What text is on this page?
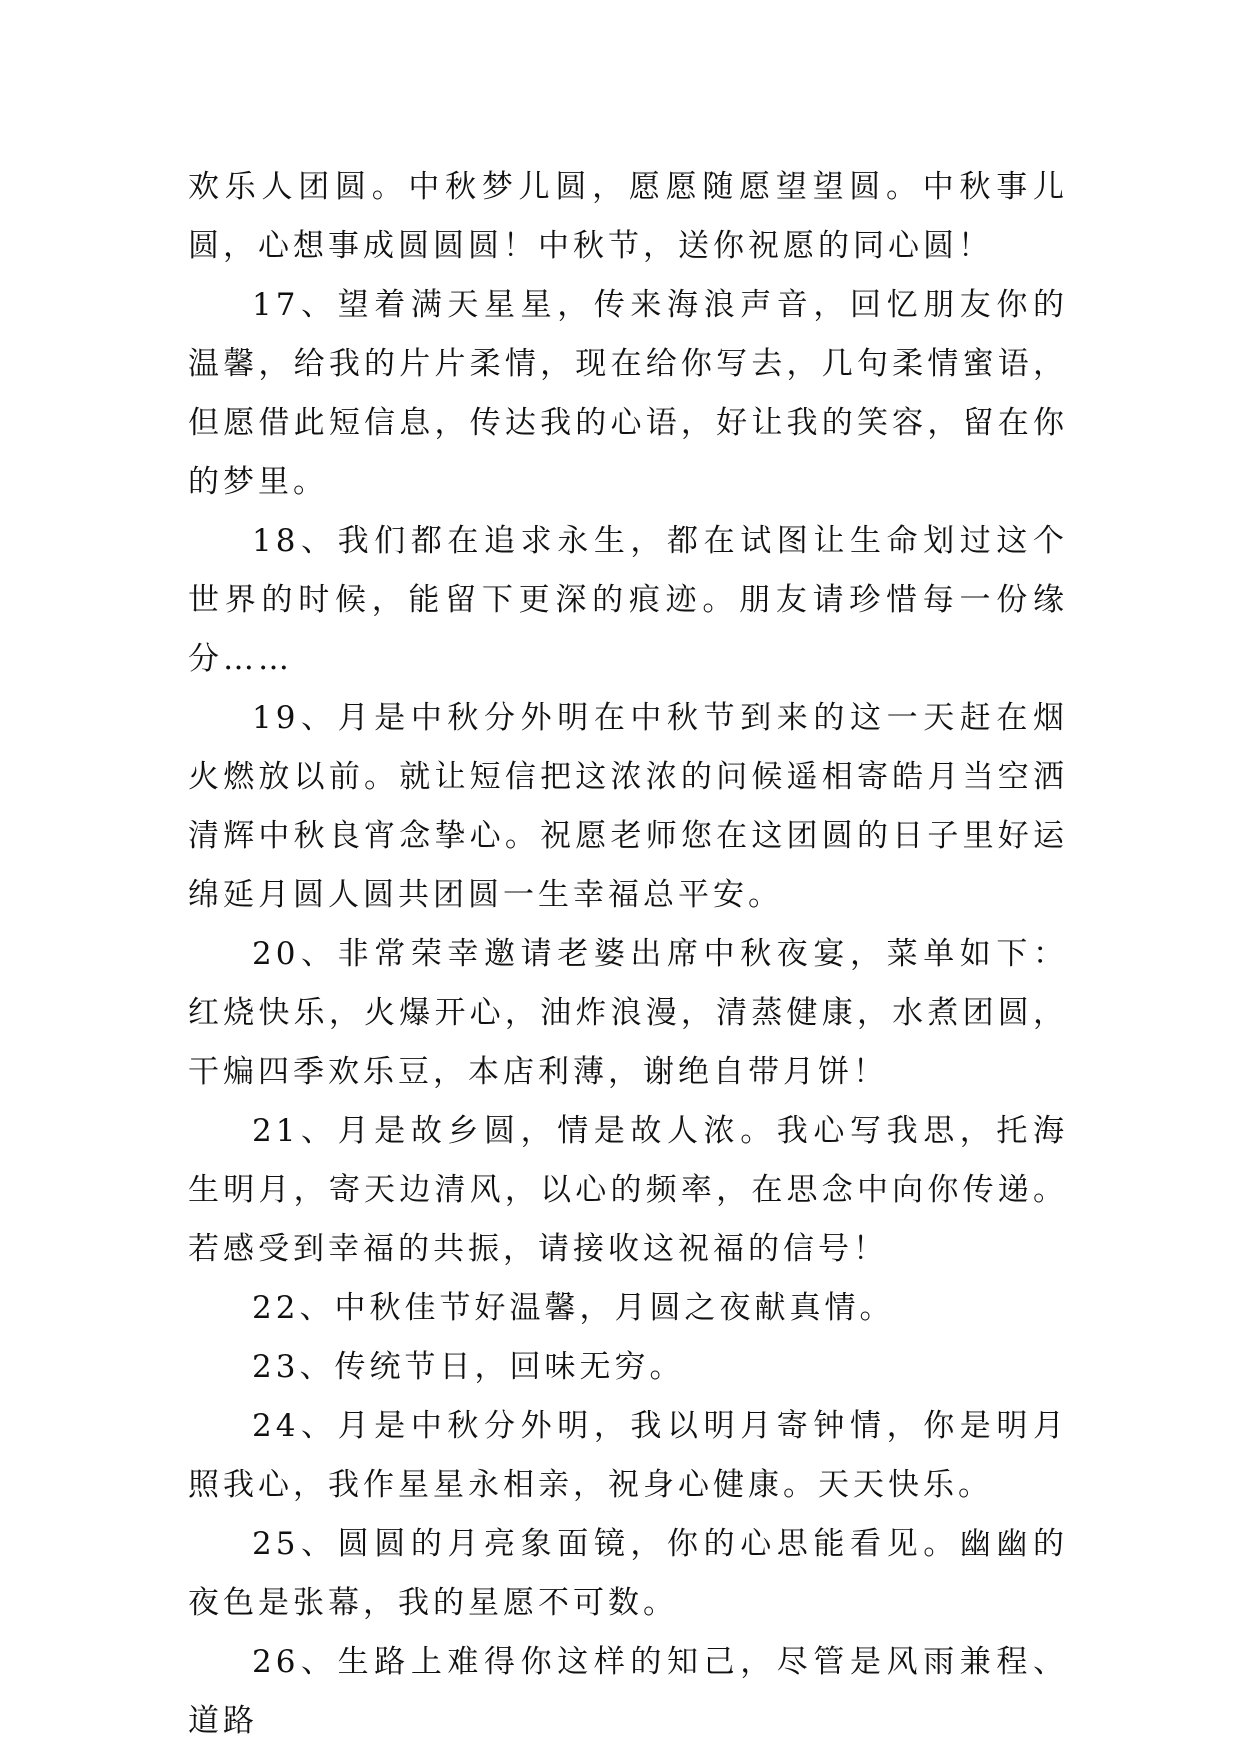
欢乐人团圆。中秋梦儿圆，愿愿随愿望望圆。中秋事儿圆，心想事成圆圆圆！中秋节，送你祝愿的同心圆！

17、望着满天星星，传来海浪声音，回忆朋友你的温馨，给我的片片柔情，现在给你写去，几句柔情蜜语，但愿借此短信息，传达我的心语，好让我的笑容，留在你的梦里。

18、我们都在追求永生，都在试图让生命划过这个世界的时候，能留下更深的痕迹。朋友请珍惜每一份缘分……

19、月是中秋分外明在中秋节到来的这一天赶在烟火燃放以前。就让短信把这浓浓的问候遥相寄皓月当空洒清辉中秋良宵念挚心。祝愿老师您在这团圆的日子里好运绵延月圆人圆共团圆一生幸福总平安。

20、非常荣幸邀请老婆出席中秋夜宴，菜单如下：红烧快乐，火爆开心，油炸浪漫，清蒸健康，水煮团圆，干煸四季欢乐豆，本店利薄，谢绝自带月饼！

21、月是故乡圆，情是故人浓。我心写我思，托海生明月，寄天边清风，以心的频率，在思念中向你传递。若感受到幸福的共振，请接收这祝福的信号！

22、中秋佳节好温馨，月圆之夜献真情。

23、传统节日，回味无穷。

24、月是中秋分外明，我以明月寄钟情，你是明月照我心，我作星星永相亲，祝身心健康。天天快乐。

25、圆圆的月亮象面镜，你的心思能看见。幽幽的夜色是张幕，我的星愿不可数。

26、生路上难得你这样的知己，尽管是风雨兼程、道路
